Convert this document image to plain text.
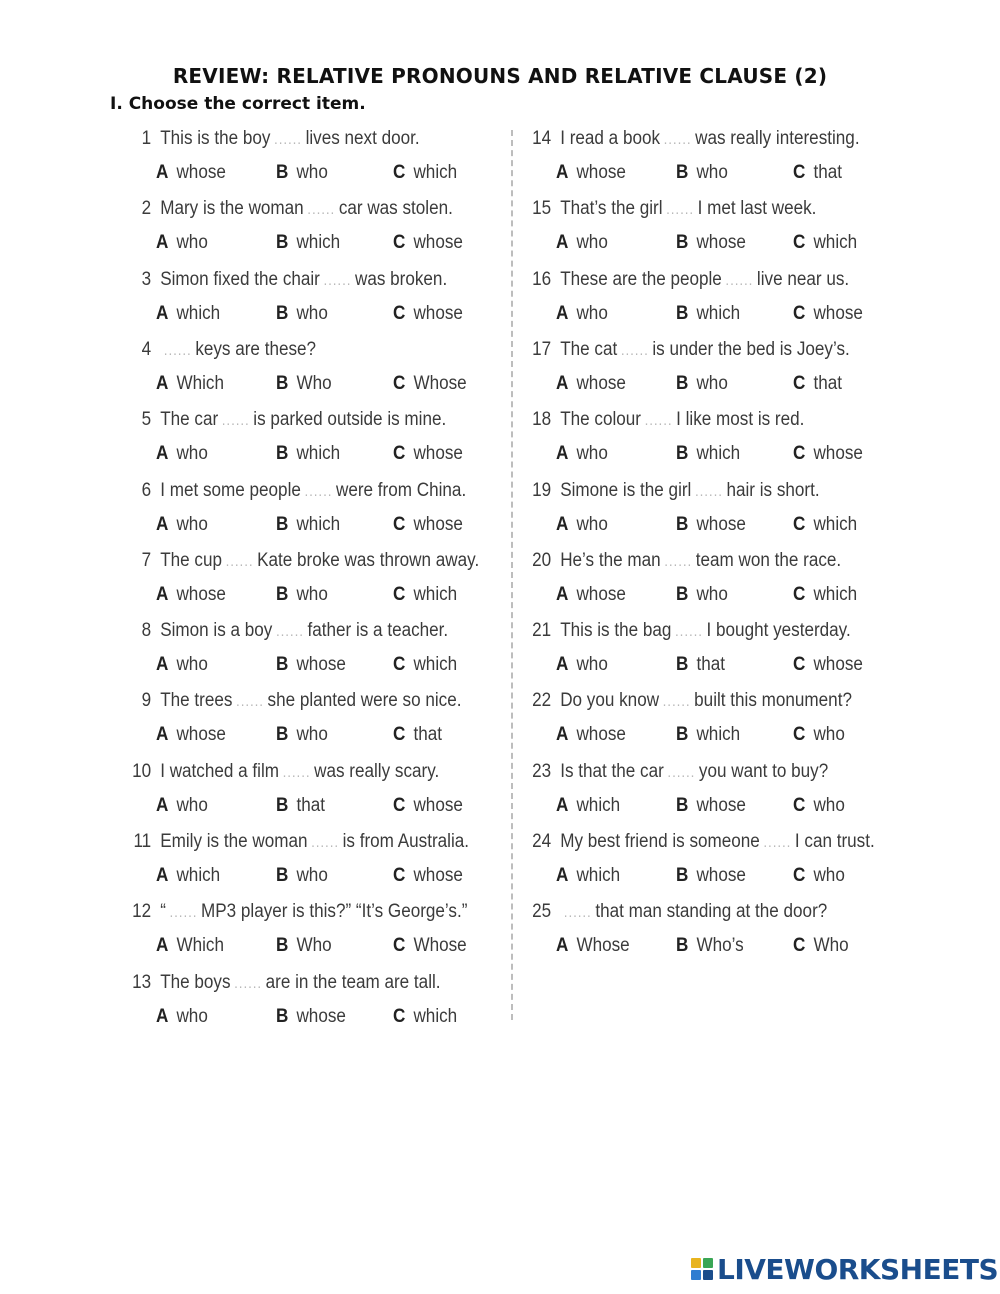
REVIEW: RELATIVE PRONOUNS AND RELATIVE CLAUSE (2)

I. Choose the correct item.

1 This is the boy ...... lives next door.
A whose	B who	C which
2 Mary is the woman ...... car was stolen.
A who	B which	C whose
3 Simon fixed the chair ...... was broken.
A which	B who	C whose
4 ...... keys are these?
A Which	B Who	C Whose
5 The car ...... is parked outside is mine.
A who	B which	C whose
6 I met some people ...... were from China.
A who	B which	C whose
7 The cup ...... Kate broke was thrown away.
A whose	B who	C which
8 Simon is a boy ...... father is a teacher.
A who	B whose C which
9 The trees ...... she planted were so nice.
A whose	B who	C that
10 I watched a film ...... was really scary.
A who	B that	C whose
11 Emily is the woman ...... is from Australia.
A which	B who	C whose
12 “ ...... MP3 player is this?” “It’s George’s.”
A Which	B Who	C Whose
13 The boys ...... are in the team are tall.
A who	B whose C which
14 I read a book ...... was really interesting.
A whose	B who	C that
15 That’s the girl ...... I met last week.
A who	B whose C which
16 These are the people ...... live near us.
A who	B which	C whose
17 The cat ...... is under the bed is Joey’s.
A whose	B who	C that
18 The colour ...... I like most is red.
A who	B which	C whose
19 Simone is the girl ...... hair is short.
A who	B whose C which
20 He’s the man ...... team won the race.
A whose	B who	C which
21 This is the bag ...... I bought yesterday.
A who	B that	C whose
22 Do you know ...... built this monument?
A whose	B which	C who
23 Is that the car ...... you want to buy?
A which	B whose C who
24 My best friend is someone ...... I can trust.
A which	B whose C who
25 ...... that man standing at the door?
A Whose B Who’s	C Who
LIVEWORKSHEETS
